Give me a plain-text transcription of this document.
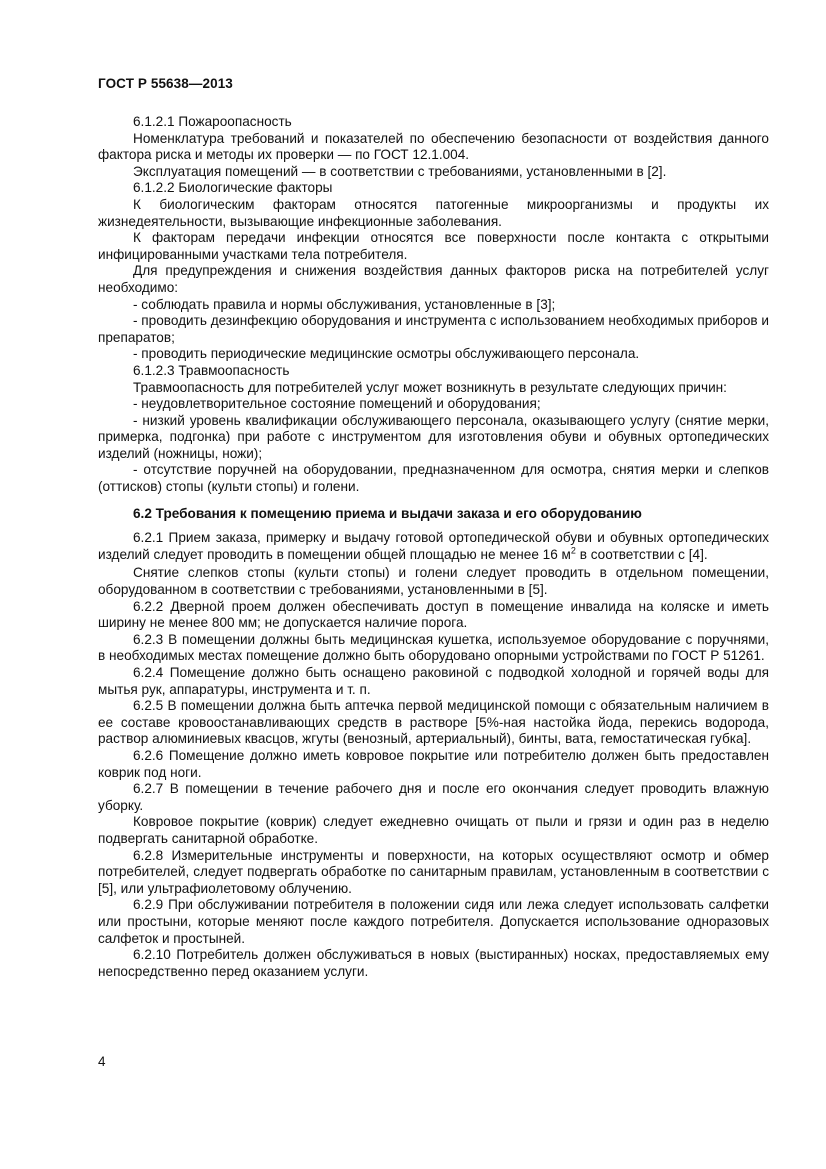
ГОСТ Р 55638—2013

6.1.2.1 Пожароопасность

Номенклатура требований и показателей по обеспечению безопасности от воздействия данного фактора риска и методы их проверки — по ГОСТ 12.1.004.

Эксплуатация помещений — в соответствии с требованиями, установленными в [2].

6.1.2.2 Биологические факторы

К биологическим факторам относятся патогенные микроорганизмы и продукты их жизнедеятельности, вызывающие инфекционные заболевания.

К факторам передачи инфекции относятся все поверхности после контакта с открытыми инфицированными участками тела потребителя.

Для предупреждения и снижения воздействия данных факторов риска на потребителей услуг необходимо:

- соблюдать правила и нормы обслуживания, установленные в [3];

- проводить дезинфекцию оборудования и инструмента с использованием необходимых приборов и препаратов;

- проводить периодические медицинские осмотры обслуживающего персонала.

6.1.2.3 Травмоопасность

Травмоопасность для потребителей услуг может возникнуть в результате следующих причин:

- неудовлетворительное состояние помещений и оборудования;

- низкий уровень квалификации обслуживающего персонала, оказывающего услугу (снятие мерки, примерка, подгонка) при работе с инструментом для изготовления обуви и обувных ортопедических изделий (ножницы, ножи);

- отсутствие поручней на оборудовании, предназначенном для осмотра, снятия мерки и слепков (оттисков) стопы (культи стопы) и голени.

6.2 Требования к помещению приема и выдачи заказа и его оборудованию

6.2.1 Прием заказа, примерку и выдачу готовой ортопедической обуви и обувных ортопедических изделий следует проводить в помещении общей площадью не менее 16 $м^2$ в соответствии с [4].

Снятие слепков стопы (культи стопы) и голени следует проводить в отдельном помещении, оборудованном в соответствии с требованиями, установленными в [5].

6.2.2 Дверной проем должен обеспечивать доступ в помещение инвалида на коляске и иметь ширину не менее 800 мм; не допускается наличие порога.

6.2.3 В помещении должны быть медицинская кушетка, используемое оборудование с поручнями, в необходимых местах помещение должно быть оборудовано опорными устройствами по ГОСТ Р 51261.

6.2.4 Помещение должно быть оснащено раковиной с подводкой холодной и горячей воды для мытья рук, аппаратуры, инструмента и т. п.

6.2.5 В помещении должна быть аптечка первой медицинской помощи с обязательным наличием в ее составе кровоостанавливающих средств в растворе [5%-ная настойка йода, перекись водорода, раствор алюминиевых квасцов, жгуты (венозный, артериальный), бинты, вата, гемостатическая губка].

6.2.6 Помещение должно иметь ковровое покрытие или потребителю должен быть предоставлен коврик под ноги.

6.2.7 В помещении в течение рабочего дня и после его окончания следует проводить влажную уборку.

Ковровое покрытие (коврик) следует ежедневно очищать от пыли и грязи и один раз в неделю подвергать санитарной обработке.

6.2.8 Измерительные инструменты и поверхности, на которых осуществляют осмотр и обмер потребителей, следует подвергать обработке по санитарным правилам, установленным в соответствии с [5], или ультрафиолетовому облучению.

6.2.9 При обслуживании потребителя в положении сидя или лежа следует использовать салфетки или простыни, которые меняют после каждого потребителя. Допускается использование одноразовых салфеток и простыней.

6.2.10 Потребитель должен обслуживаться в новых (выстиранных) носках, предоставляемых ему непосредственно перед оказанием услуги.

4
